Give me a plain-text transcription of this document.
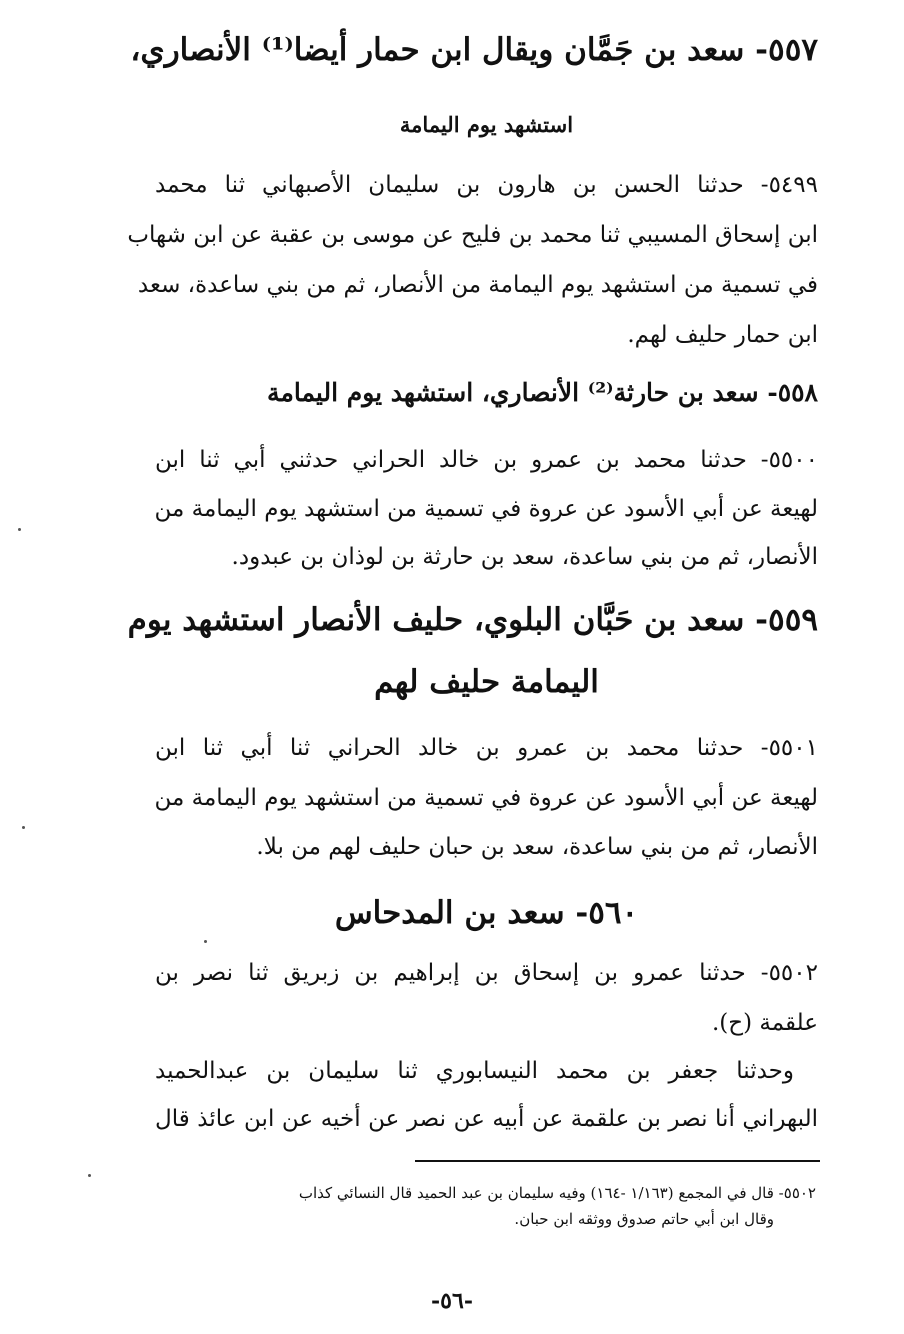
٥٥٧- سعد بن جَمَّان ويقال ابن حمار أيضا⁽¹⁾ الأنصاري،
استشهد يوم اليمامة
٥٤٩٩- حدثنا الحسن بن هارون بن سليمان الأصبهاني ثنا محمد
ابن إسحاق المسيبي ثنا محمد بن فليح عن موسى بن عقبة عن ابن شهاب
في تسمية من استشهد يوم اليمامة من الأنصار، ثم من بني ساعدة، سعد
ابن حمار حليف لهم.
٥٥٨- سعد بن حارثة⁽²⁾ الأنصاري، استشهد يوم اليمامة
٥٥٠٠- حدثنا محمد بن عمرو بن خالد الحراني حدثني أبي ثنا ابن
لهيعة عن أبي الأسود عن عروة في تسمية من استشهد يوم اليمامة من
الأنصار، ثم من بني ساعدة، سعد بن حارثة بن لوذان بن عبدود.
٥٥٩- سعد بن حَبَّان البلوي، حليف الأنصار استشهد يوم
اليمامة حليف لهم
٥٥٠١- حدثنا محمد بن عمرو بن خالد الحراني ثنا أبي ثنا ابن
لهيعة عن أبي الأسود عن عروة في تسمية من استشهد يوم اليمامة من
الأنصار، ثم من بني ساعدة، سعد بن حبان حليف لهم من بلا.
٥٦٠- سعد بن المدحاس
٥٥٠٢- حدثنا عمرو بن إسحاق بن إبراهيم بن زبريق ثنا نصر بن
علقمة (ح).
وحدثنا جعفر بن محمد النيسابوري ثنا سليمان بن عبدالحميد
البهراني أنا نصر بن علقمة عن أبيه عن نصر عن أخيه عن ابن عائذ قال
٥٥٠٢- قال في المجمع (١/١٦٣ -١٦٤) وفيه سليمان بن عبد الحميد قال النسائي كذاب
وقال ابن أبي حاتم صدوق ووثقه ابن حبان.
-٥٦-
